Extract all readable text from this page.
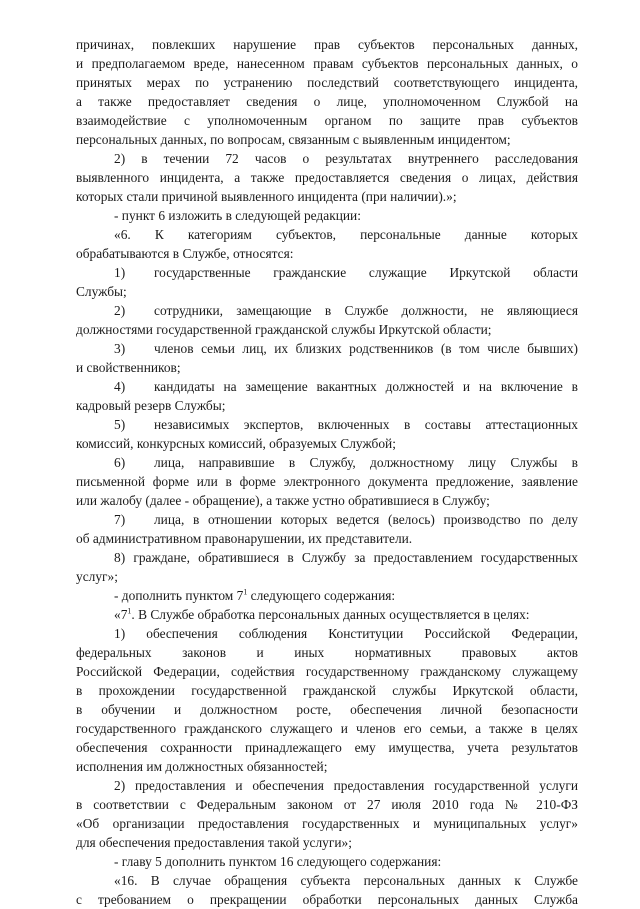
причинах, повлекших нарушение прав субъектов персональных данных,
и предполагаемом вреде, нанесенном правам субъектов персональных данных, о
принятых мерах по устранению последствий соответствующего инцидента,
а также предоставляет сведения о лице, уполномоченном Службой на
взаимодействие с уполномоченным органом по защите прав субъектов
персональных данных, по вопросам, связанным с выявленным инцидентом;
2) в течении 72 часов о результатах внутреннего расследования
выявленного инцидента, а также предоставляется сведения о лицах, действия
которых стали причиной выявленного инцидента (при наличии).»;
- пункт 6 изложить в следующей редакции:
«6. К категориям субъектов, персональные данные которых
обрабатываются в Службе, относятся:
1) государственные гражданские служащие Иркутской области
Службы;
2) сотрудники, замещающие в Службе должности, не являющиеся
должностями государственной гражданской службы Иркутской области;
3) членов семьи лиц, их близких родственников (в том числе бывших)
и свойственников;
4) кандидаты на замещение вакантных должностей и на включение в
кадровый резерв Службы;
5) независимых экспертов, включенных в составы аттестационных
комиссий, конкурсных комиссий, образуемых Службой;
6) лица, направившие в Службу, должностному лицу Службы в
письменной форме или в форме электронного документа предложение, заявление
или жалобу (далее - обращение), а также устно обратившиеся в Службу;
7) лица, в отношении которых ведется (велось) производство по делу
об административном правонарушении, их представители.
8) граждане, обратившиеся в Службу за предоставлением государственных
услуг»;
- дополнить пунктом $7^1$ следующего содержания:
«$7^1$. В Службе обработка персональных данных осуществляется в целях:
1) обеспечения соблюдения Конституции Российской Федерации,
федеральных законов и иных нормативных правовых актов
Российской Федерации, содействия государственному гражданскому служащему
в прохождении государственной гражданской службы Иркутской области,
в обучении и должностном росте, обеспечения личной безопасности
государственного гражданского служащего и членов его семьи, а также в целях
обеспечения сохранности принадлежащего ему имущества, учета результатов
исполнения им должностных обязанностей;
2) предоставления и обеспечения предоставления государственной услуги
в соответствии с Федеральным законом от 27 июля 2010 года № 210-ФЗ
«Об организации предоставления государственных и муниципальных услуг»
для обеспечения предоставления такой услуги»;
- главу 5 дополнить пунктом 16 следующего содержания:
«16. В случае обращения субъекта персональных данных к Службе
с требованием о прекращении обработки персональных данных Служба
